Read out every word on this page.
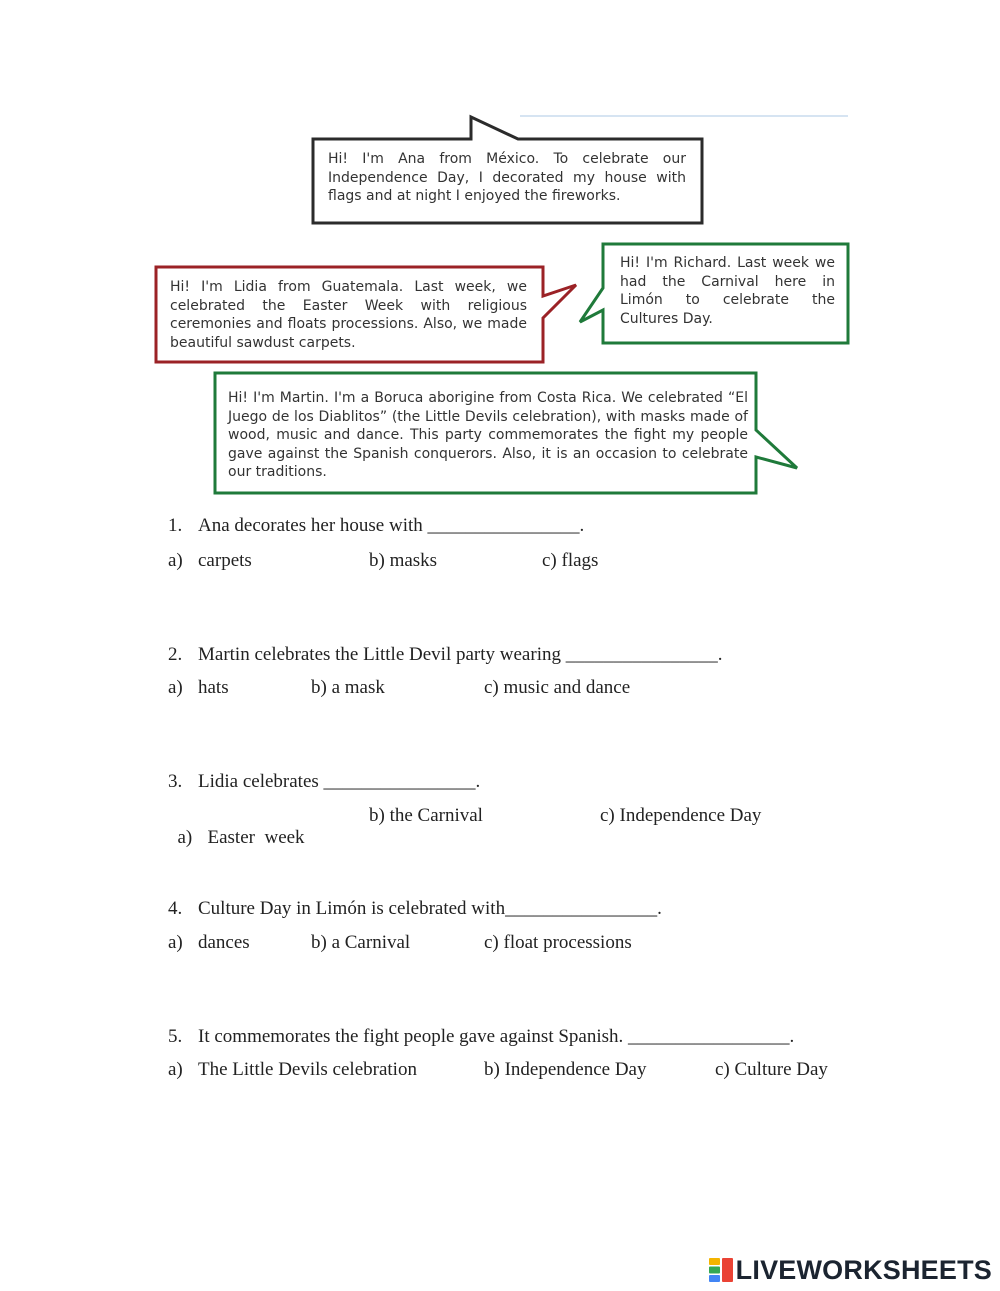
Hi! I'm Ana from México. To celebrate our Independence Day, I decorated my house with flags and at night I enjoyed the fireworks.

Hi! I'm Lidia from Guatemala. Last week, we celebrated the Easter Week with religious ceremonies and floats processions. Also, we made beautiful sawdust carpets.

Hi! I'm Richard. Last week we had the Carnival here in Limón to celebrate the Cultures Day.

Hi! I'm Martin. I'm a Boruca aborigine from Costa Rica. We celebrated “El Juego de los Diablitos” (the Little Devils celebration), with masks made of wood, music and dance. This party commemorates the fight my people gave against the Spanish conquerors. Also, it is an occasion to celebrate our traditions.

1. Ana decorates her house with ________________.

a) carpets	b) masks	c) flags

2. Martin celebrates the Little Devil party wearing ________________.

a) hats	b) a mask	c) music and dance

3. Lidia celebrates ________________.

a) Easter  week

b) the Carnival	c) Independence Day

4. Culture Day in Limón is celebrated with________________.

a) dances	b) a Carnival	c) float processions

5. It commemorates the fight people gave against Spanish. _________________.

a) The Little Devils celebration	b) Independence Day	c) Culture Day

LIVEWORKSHEETS
